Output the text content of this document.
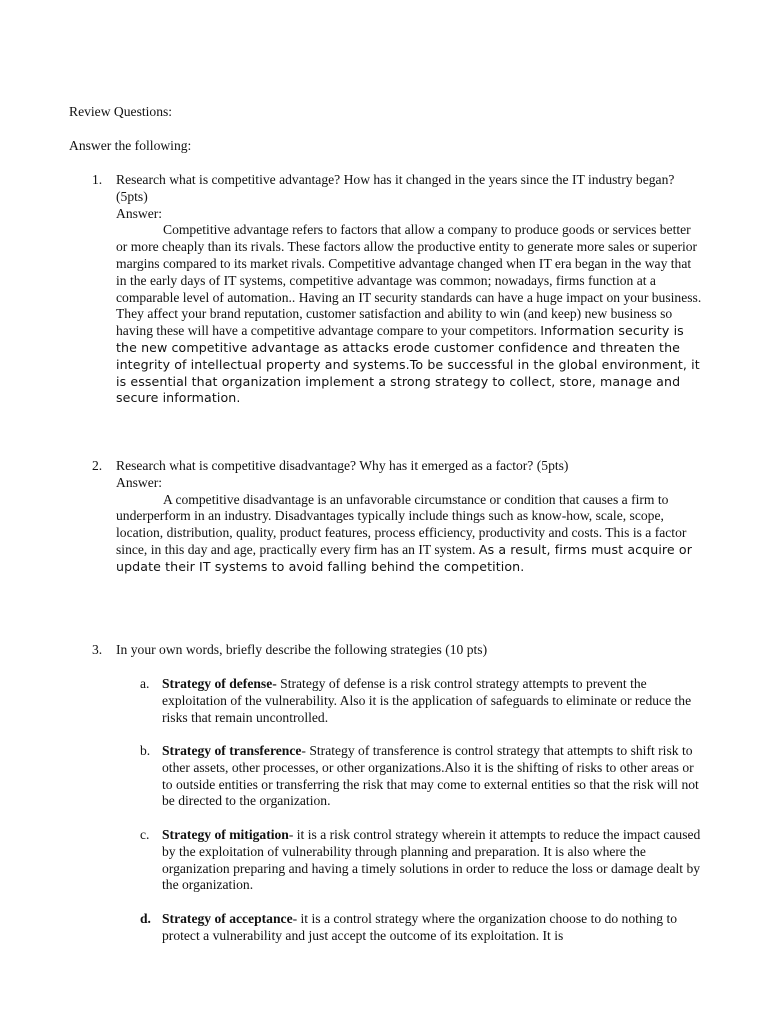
Review Questions:
Answer the following:
1. Research what is competitive advantage? How has it changed in the years since the IT industry began? (5pts)
Answer:
Competitive advantage refers to factors that allow a company to produce goods or services better or more cheaply than its rivals. These factors allow the productive entity to generate more sales or superior margins compared to its market rivals. Competitive advantage changed when IT era began in the way that in the early days of IT systems, competitive advantage was common; nowadays, firms function at a comparable level of automation.. Having an IT security standards can have a huge impact on your business. They affect your brand reputation, customer satisfaction and ability to win (and keep) new business so having these will have a competitive advantage compare to your competitors. Information security is the new competitive advantage as attacks erode customer confidence and threaten the integrity of intellectual property and systems.To be successful in the global environment, it is essential that organization implement a strong strategy to collect, store, manage and secure information.
2. Research what is competitive disadvantage? Why has it emerged as a factor? (5pts)
Answer:
A competitive disadvantage is an unfavorable circumstance or condition that causes a firm to underperform in an industry. Disadvantages typically include things such as know-how, scale, scope, location, distribution, quality, product features, process efficiency, productivity and costs. This is a factor since, in this day and age, practically every firm has an IT system. As a result, firms must acquire or update their IT systems to avoid falling behind the competition.
3. In your own words, briefly describe the following strategies (10 pts)
a. Strategy of defense- Strategy of defense is a risk control strategy attempts to prevent the exploitation of the vulnerability. Also it is the application of safeguards to eliminate or reduce the risks that remain uncontrolled.
b. Strategy of transference- Strategy of transference is control strategy that attempts to shift risk to other assets, other processes, or other organizations.Also it is the shifting of risks to other areas or to outside entities or transferring the risk that may come to external entities so that the risk will not be directed to the organization.
c. Strategy of mitigation- it is a risk control strategy wherein it attempts to reduce the impact caused by the exploitation of vulnerability through planning and preparation. It is also where the organization preparing and having a timely solutions in order to reduce the loss or damage dealt by the organization.
d. Strategy of acceptance- it is a control strategy where the organization choose to do nothing to protect a vulnerability and just accept the outcome of its exploitation. It is
